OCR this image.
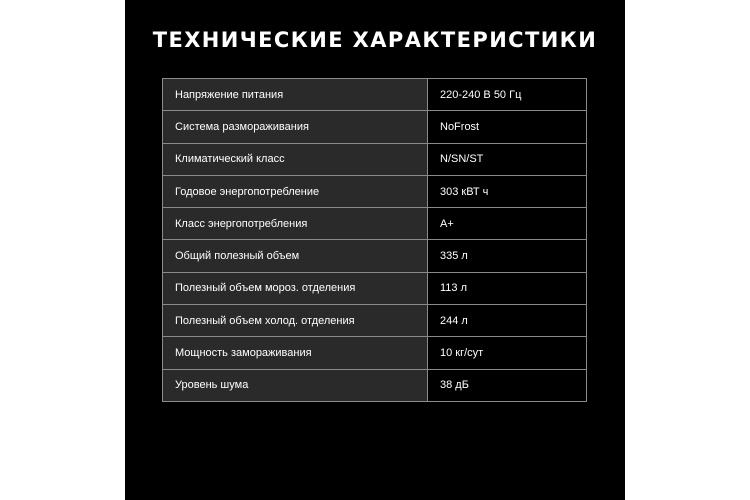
ТЕХНИЧЕСКИЕ ХАРАКТЕРИСТИКИ
Напряжение питания	220-240 В 50 Гц
Система размораживания	NoFrost
Климатический класс	N/SN/ST
Годовое энергопотребление	303 кВТ ч
Класс энергопотребления	A+
Общий полезный объем	335 л
Полезный объем мороз. отделения	113 л
Полезный объем холод. отделения	244 л
Мощность замораживания	10 кг/сут
Уровень шума	38 дБ
